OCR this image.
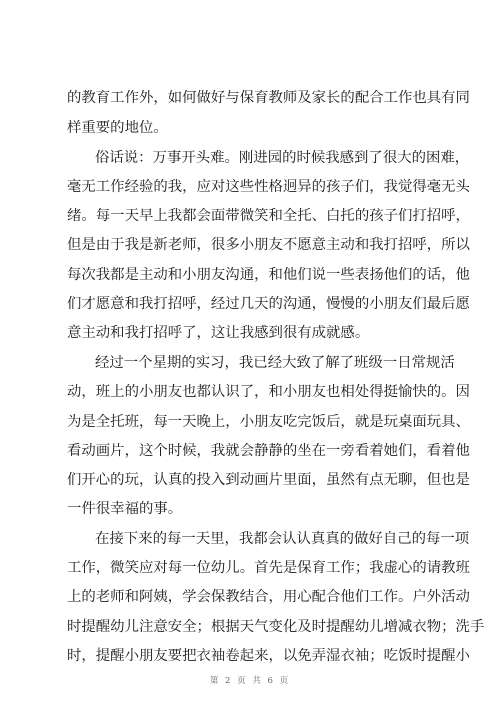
的教育工作外，如何做好与保育教师及家长的配合工作也具有同
样重要的地位。
俗话说：万事开头难。刚进园的时候我感到了很大的困难，
毫无工作经验的我，应对这些性格迥异的孩子们，我觉得毫无头
绪。每一天早上我都会面带微笑和全托、白托的孩子们打招呼，
但是由于我是新老师，很多小朋友不愿意主动和我打招呼，所以
每次我都是主动和小朋友沟通，和他们说一些表扬他们的话，他
们才愿意和我打招呼，经过几天的沟通，慢慢的小朋友们最后愿
意主动和我打招呼了，这让我感到很有成就感。
经过一个星期的实习，我已经大致了解了班级一日常规活
动，班上的小朋友也都认识了，和小朋友也相处得挺愉快的。因
为是全托班，每一天晚上，小朋友吃完饭后，就是玩桌面玩具、
看动画片，这个时候，我就会静静的坐在一旁看着她们，看着他
们开心的玩，认真的投入到动画片里面，虽然有点无聊，但也是
一件很幸福的事。
在接下来的每一天里，我都会认认真真的做好自己的每一项
工作，微笑应对每一位幼儿。首先是保育工作；我虚心的请教班
上的老师和阿姨，学会保教结合，用心配合他们工作。户外活动
时提醒幼儿注意安全；根据天气变化及时提醒幼儿增减衣物；洗手
时，提醒小朋友要把衣袖卷起来，以免弄湿衣袖；吃饭时提醒小
第 2 页 共 6 页
